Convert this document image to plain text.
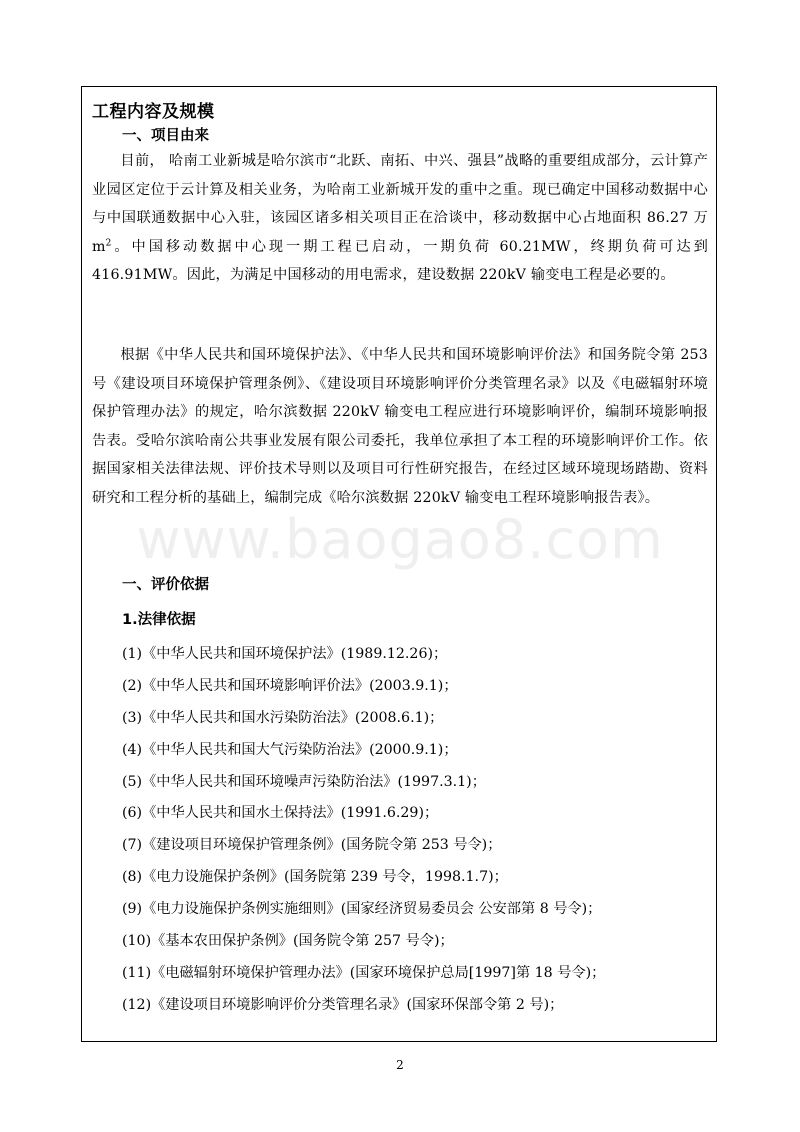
工程内容及规模
一、项目由来

目前， 哈南工业新城是哈尔滨市“北跃、南拓、中兴、强县”战略的重要组成部分，云计算产业园区定位于云计算及相关业务，为哈南工业新城开发的重中之重。现已确定中国移动数据中心与中国联通数据中心入驻，该园区诸多相关项目正在洽谈中，移动数据中心占地面积 86.27 万 $m^2$。中国移动数据中心现一期工程已启动，一期负荷 60.21MW，终期负荷可达到 416.91MW。因此，为满足中国移动的用电需求，建设数据 220kV 输变电工程是必要的。

根据《中华人民共和国环境保护法》、《中华人民共和国环境影响评价法》和国务院令第 253 号《建设项目环境保护管理条例》、《建设项目环境影响评价分类管理名录》以及《电磁辐射环境保护管理办法》的规定，哈尔滨数据 220kV 输变电工程应进行环境影响评价，编制环境影响报告表。受哈尔滨哈南公共事业发展有限公司委托，我单位承担了本工程的环境影响评价工作。依据国家相关法律法规、评价技术导则以及项目可行性研究报告，在经过区域环境现场踏勘、资料研究和工程分析的基础上，编制完成《哈尔滨数据 220kV 输变电工程环境影响报告表》。

一、评价依据
1.法律依据
(1)《中华人民共和国环境保护法》(1989.12.26)；
(2)《中华人民共和国环境影响评价法》(2003.9.1)；
(3)《中华人民共和国水污染防治法》(2008.6.1)；
(4)《中华人民共和国大气污染防治法》(2000.9.1)；
(5)《中华人民共和国环境噪声污染防治法》(1997.3.1)；
(6)《中华人民共和国水土保持法》(1991.6.29)；
(7)《建设项目环境保护管理条例》(国务院令第 253 号令)；
(8)《电力设施保护条例》(国务院第 239 号令，1998.1.7)；
(9)《电力设施保护条例实施细则》(国家经济贸易委员会 公安部第 8 号令)；
(10)《基本农田保护条例》(国务院令第 257 号令)；
(11)《电磁辐射环境保护管理办法》(国家环境保护总局[1997]第 18 号令)；
(12)《建设项目环境影响评价分类管理名录》(国家环保部令第 2 号)；
www.baogao8.com
2
